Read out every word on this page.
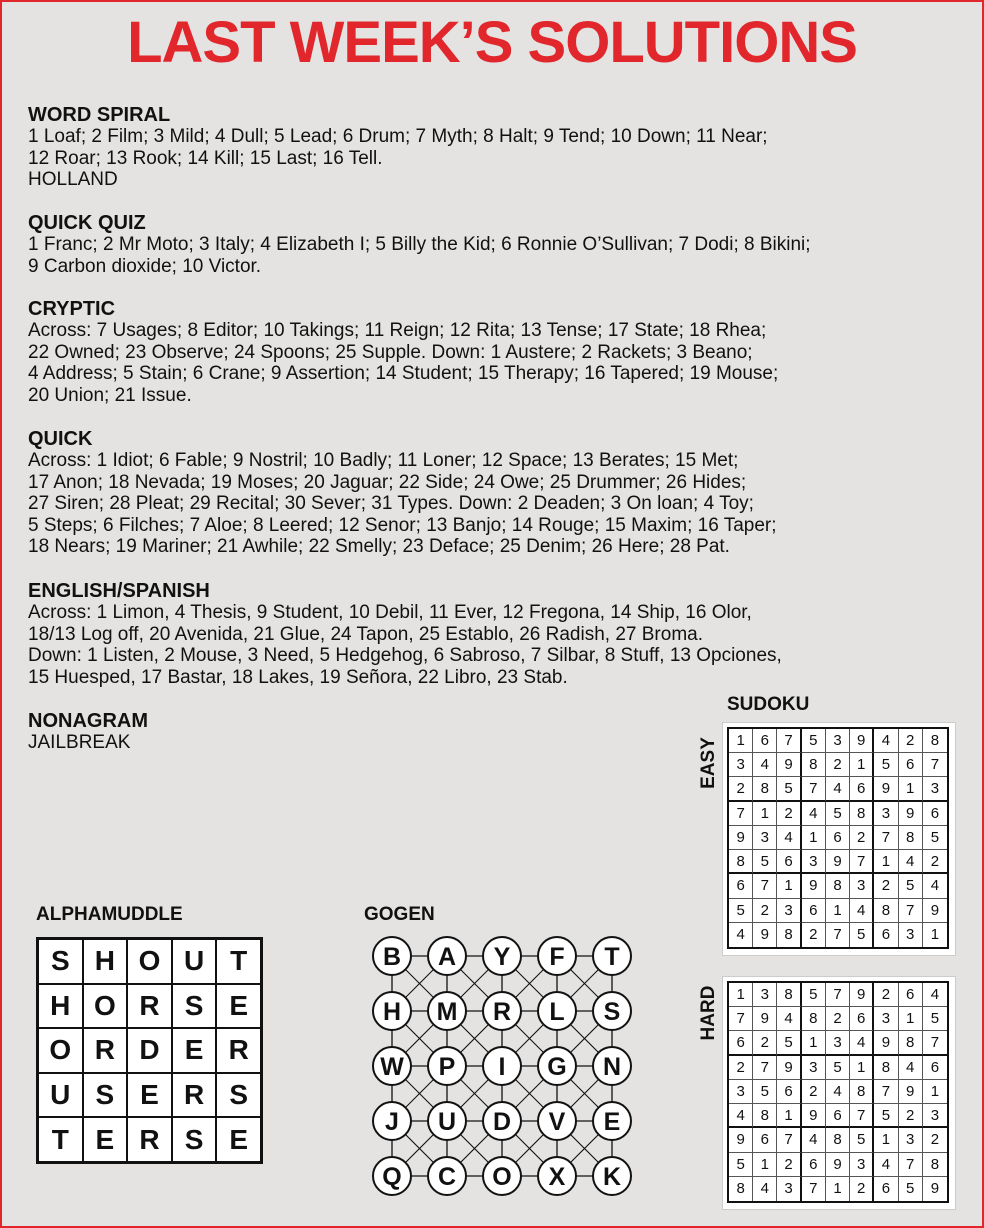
LAST WEEK’S SOLUTIONS
WORD SPIRAL
1 Loaf; 2 Film; 3 Mild; 4 Dull; 5 Lead; 6 Drum; 7 Myth; 8 Halt; 9 Tend; 10 Down; 11 Near;
12 Roar; 13 Rook; 14 Kill; 15 Last; 16 Tell.
HOLLAND
QUICK QUIZ
1 Franc; 2 Mr Moto; 3 Italy; 4 Elizabeth I; 5 Billy the Kid; 6 Ronnie O’Sullivan; 7 Dodi; 8 Bikini;
9 Carbon dioxide; 10 Victor.
CRYPTIC
Across: 7 Usages; 8 Editor; 10 Takings; 11 Reign; 12 Rita; 13 Tense; 17 State; 18 Rhea;
22 Owned; 23 Observe; 24 Spoons; 25 Supple. Down: 1 Austere; 2 Rackets; 3 Beano;
4 Address; 5 Stain; 6 Crane; 9 Assertion; 14 Student; 15 Therapy; 16 Tapered; 19 Mouse;
20 Union; 21 Issue.
QUICK
Across: 1 Idiot; 6 Fable; 9 Nostril; 10 Badly; 11 Loner; 12 Space; 13 Berates; 15 Met;
17 Anon; 18 Nevada; 19 Moses; 20 Jaguar; 22 Side; 24 Owe; 25 Drummer; 26 Hides;
27 Siren; 28 Pleat; 29 Recital; 30 Sever; 31 Types. Down: 2 Deaden; 3 On loan; 4 Toy;
5 Steps; 6 Filches; 7 Aloe; 8 Leered; 12 Senor; 13 Banjo; 14 Rouge; 15 Maxim; 16 Taper;
18 Nears; 19 Mariner; 21 Awhile; 22 Smelly; 23 Deface; 25 Denim; 26 Here; 28 Pat.
ENGLISH/SPANISH
Across: 1 Limon, 4 Thesis, 9 Student, 10 Debil, 11 Ever, 12 Fregona, 14 Ship, 16 Olor,
18/13 Log off, 20 Avenida, 21 Glue, 24 Tapon, 25 Establo, 26 Radish, 27 Broma.
Down: 1 Listen, 2 Mouse, 3 Need, 5 Hedgehog, 6 Sabroso, 7 Silbar, 8 Stuff, 13 Opciones,
15 Huesped, 17 Bastar, 18 Lakes, 19 Señora, 22 Libro, 23 Stab.
NONAGRAM
JAILBREAK
ALPHAMUDDLE
S H O U T
H O R S E
O R D E R
U S E R S
T E R S E
GOGEN
B A Y F T
H M R L S
W P I G N
J U D V E
Q C O X K
SUDOKU
EASY	1	6	7	5	3	9	4	2	8
3	4	9	8	2	1	5	6	7
2	8	5	7	4	6	9	1	3
7	1	2	4	5	8	3	9	6
9	3	4	1	6	2	7	8	5
8	5	6	3	9	7	1	4	2
6	7	1	9	8	3	2	5	4
5	2	3	6	1	4	8	7	9
4	9	8	2	7	5	6	3	1
HARD	1	3	8	5	7	9	2	6	4
7	9	4	8	2	6	3	1	5
6	2	5	1	3	4	9	8	7
2	7	9	3	5	1	8	4	6
3	5	6	2	4	8	7	9	1
4	8	1	9	6	7	5	2	3
9	6	7	4	8	5	1	3	2
5	1	2	6	9	3	4	7	8
8	4	3	7	1	2	6	5	9
